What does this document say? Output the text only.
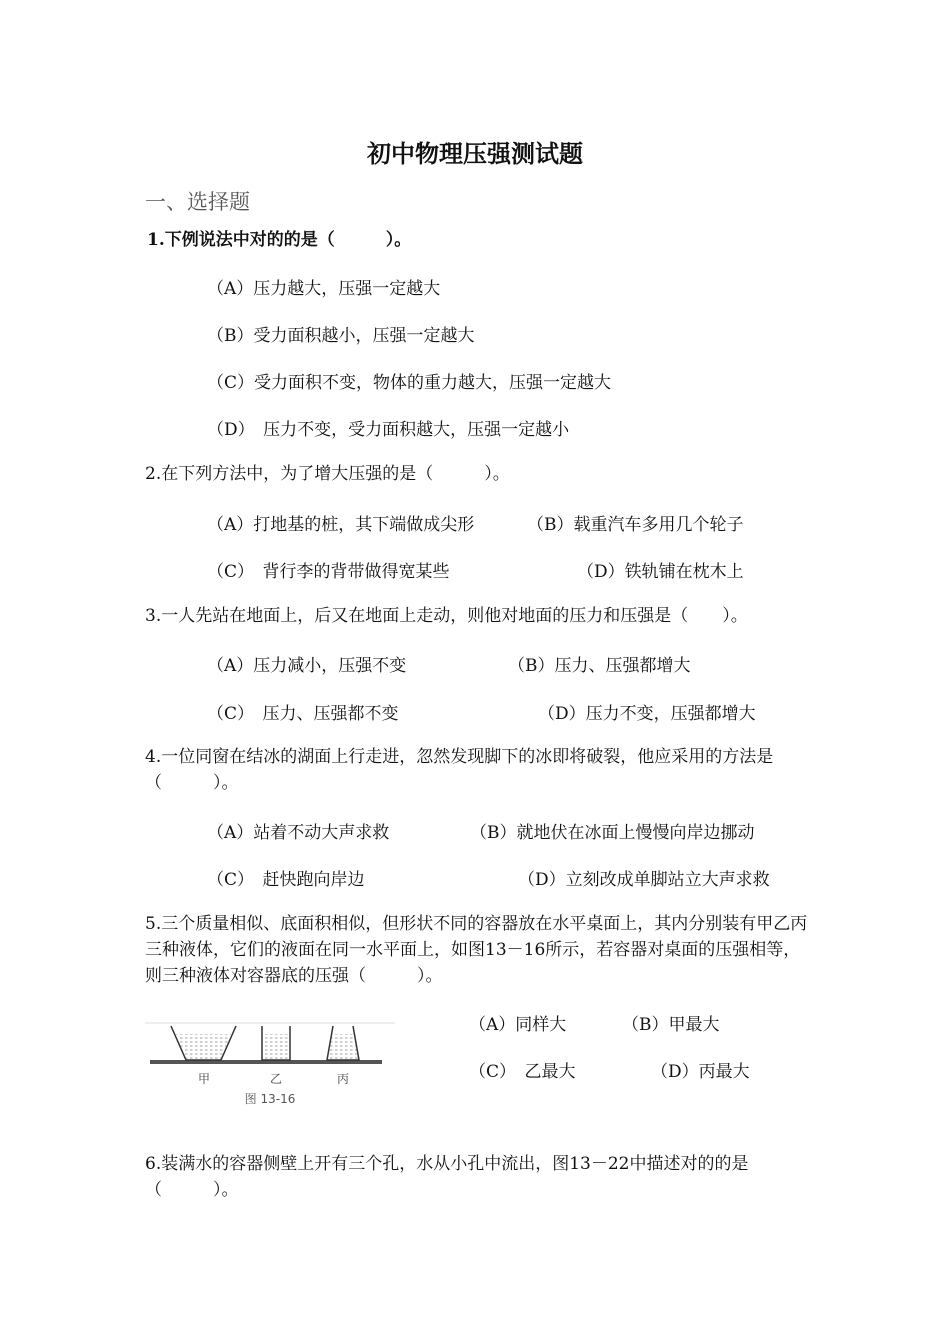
初中物理压强测试题
一、选择题
1.下例说法中对的的是（　　　）。
（A）压力越大，压强一定越大
（B）受力面积越小，压强一定越大
（C）受力面积不变，物体的重力越大，压强一定越大
（D）　压力不变，受力面积越大，压强一定越小
2.在下列方法中，为了增大压强的是（　　　）。
（A）打地基的桩，其下端做成尖形	（B）载重汽车多用几个轮子
（C）　背行李的背带做得宽某些	（D）铁轨铺在枕木上
3.一人先站在地面上，后又在地面上走动，则他对地面的压力和压强是（　　）。
（A）压力减小，压强不变	（B）压力、压强都增大
（C）　压力、压强都不变	（D）压力不变，压强都增大
4.一位同窗在结冰的湖面上行走进，忽然发现脚下的冰即将破裂，他应采用的方法是（　　　）。
（A）站着不动大声求救	（B）就地伏在冰面上慢慢向岸边挪动
（C）　赶快跑向岸边	（D）立刻改成单脚站立大声求救
5.三个质量相似、底面积相似，但形状不同的容器放在水平桌面上，其内分别装有甲乙丙三种液体，它们的液面在同一水平面上，如图13－16所示，若容器对桌面的压强相等，则三种液体对容器底的压强（　　　）。
甲	乙	丙
图 13-16
（A）同样大	（B）甲最大
（C）　乙最大	（D）丙最大
6.装满水的容器侧壁上开有三个孔，水从小孔中流出，图13－22中描述对的的是（　　　）。
